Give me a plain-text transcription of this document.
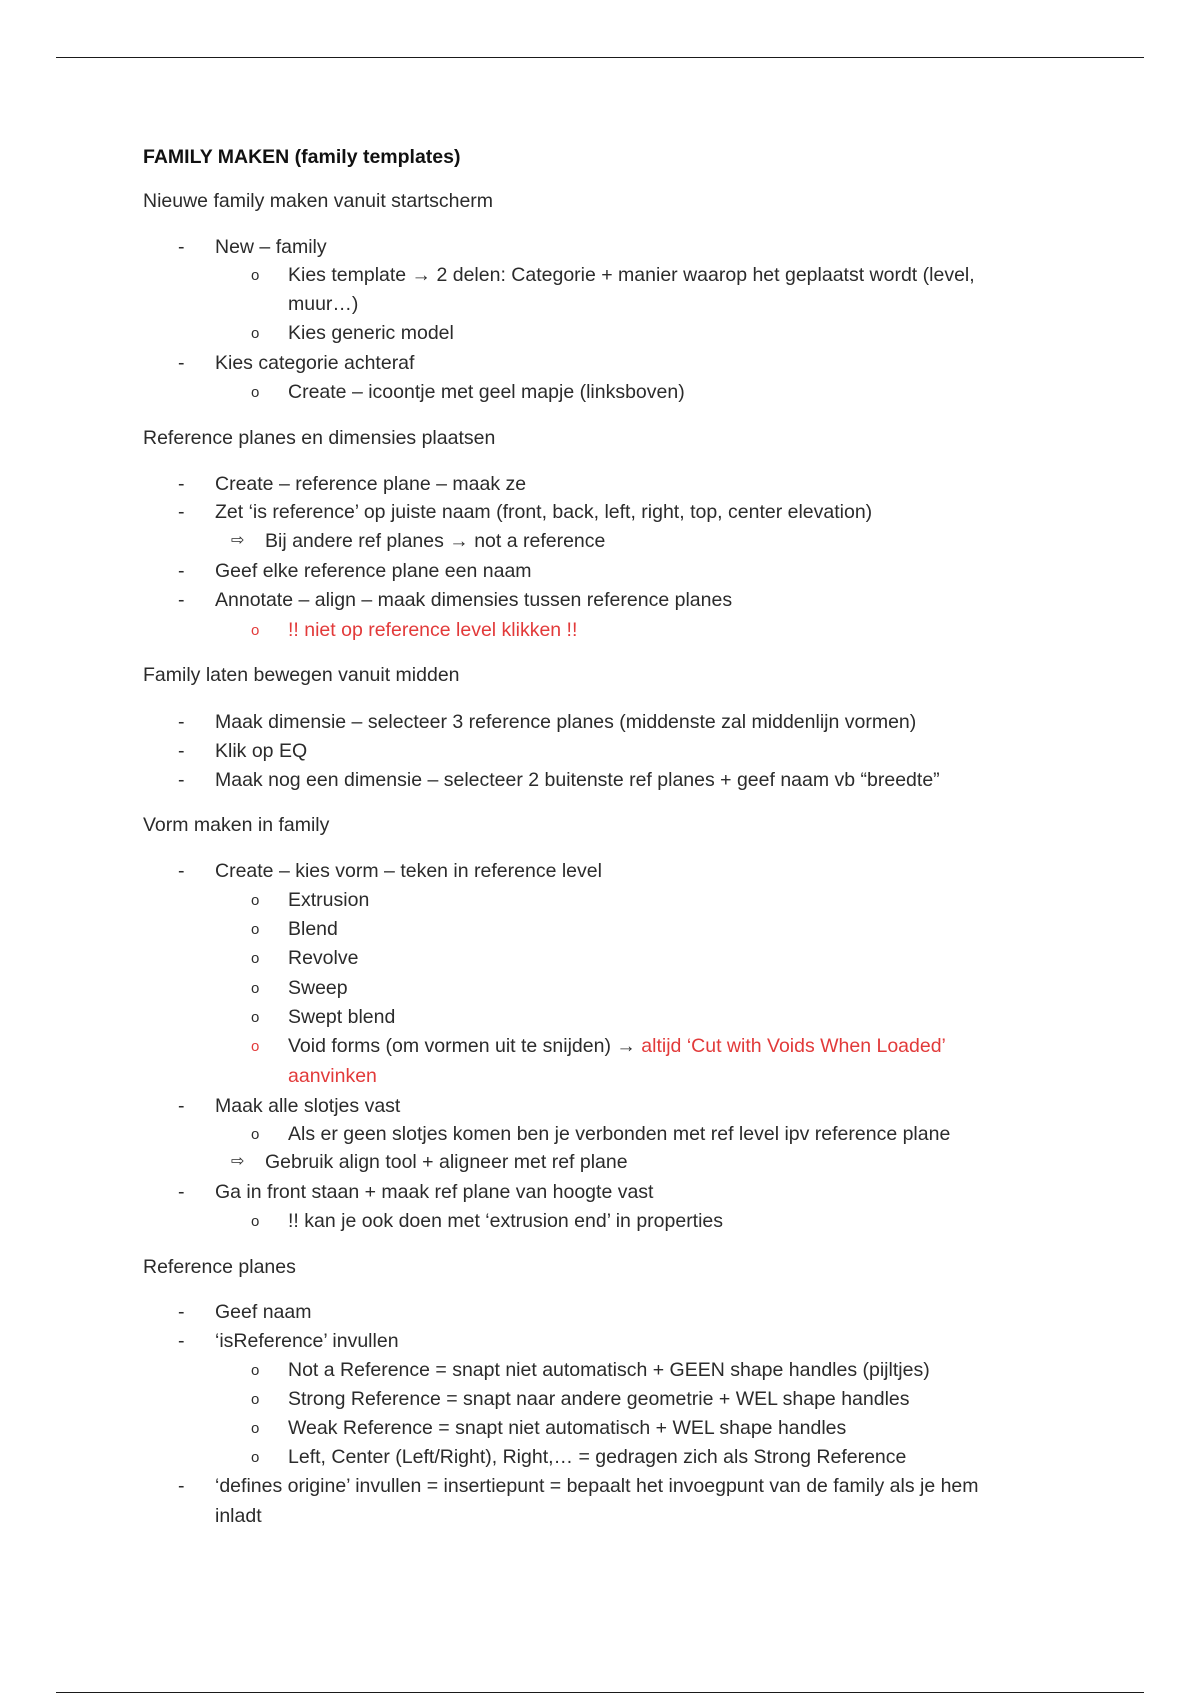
FAMILY MAKEN (family templates)
Nieuwe family maken vanuit startscherm
- New – family
o Kies template → 2 delen: Categorie + manier waarop het geplaatst wordt (level,
muur…)
o Kies generic model
- Kies categorie achteraf
o Create – icoontje met geel mapje (linksboven)
Reference planes en dimensies plaatsen
- Create – reference plane – maak ze
- Zet ‘is reference’ op juiste naam (front, back, left, right, top, center elevation)
⇨ Bij andere ref planes → not a reference
- Geef elke reference plane een naam
- Annotate – align – maak dimensies tussen reference planes
o !! niet op reference level klikken !!
Family laten bewegen vanuit midden
- Maak dimensie – selecteer 3 reference planes (middenste zal middenlijn vormen)
- Klik op EQ
- Maak nog een dimensie – selecteer 2 buitenste ref planes + geef naam vb “breedte”
Vorm maken in family
- Create – kies vorm – teken in reference level
o Extrusion
o Blend
o Revolve
o Sweep
o Swept blend
o Void forms (om vormen uit te snijden) → altijd ‘Cut with Voids When Loaded’
aanvinken
- Maak alle slotjes vast
o Als er geen slotjes komen ben je verbonden met ref level ipv reference plane
⇨ Gebruik align tool + aligneer met ref plane
- Ga in front staan + maak ref plane van hoogte vast
o !! kan je ook doen met ‘extrusion end’ in properties
Reference planes
- Geef naam
- ‘isReference’ invullen
o Not a Reference = snapt niet automatisch + GEEN shape handles (pijltjes)
o Strong Reference = snapt naar andere geometrie + WEL shape handles
o Weak Reference = snapt niet automatisch + WEL shape handles
o Left, Center (Left/Right), Right,… = gedragen zich als Strong Reference
- ‘defines origine’ invullen = insertiepunt = bepaalt het invoegpunt van de family als je hem
inladt
